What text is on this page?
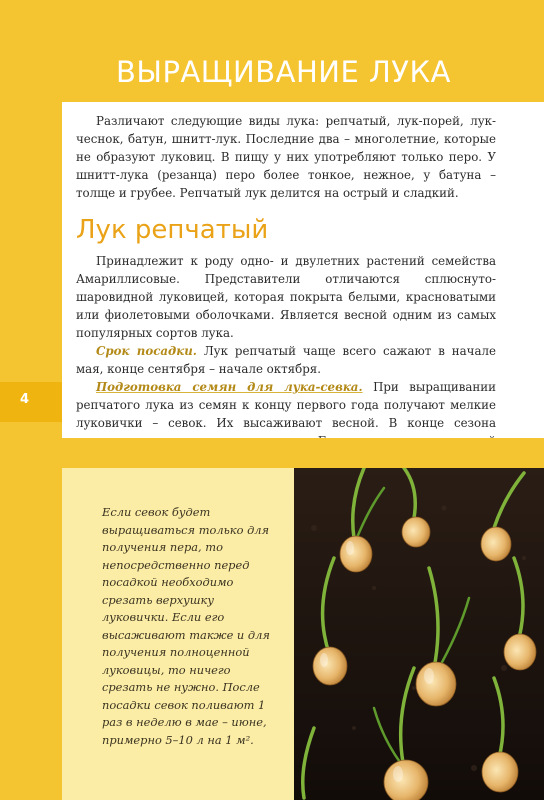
ВЫРАЩИВАНИЕ ЛУКА
4

Различают следующие виды лука: репчатый, лук-порей, лук-чеснок, батун, шнитт-лук. Последние два – многолетние, которые не образуют луковиц. В пищу у них употребляют только перо. У шнитт-лука (резанца) перо более тонкое, нежное, у батуна – толще и грубее. Репчатый лук делится на острый и сладкий.

Лук репчатый

Принадлежит к роду одно- и двулетних растений семейства Амариллисовые. Представители отличаются сплюснуто-шаровидной луковицей, которая покрыта белыми, красноватыми или фиолетовыми оболочками. Является весной одним из самых популярных сортов лука.

Срок посадки. Лук репчатый чаще всего сажают в начале мая, конце сентября – начале октября.

Подготовка семян для лука-севка. При выращивании репчатого лука из семян к концу первого года получают мелкие луковички – севок. Их высаживают весной. В конце сезона

Если севок будет выращиваться только для получения пера, то непосредственно перед посадкой необходимо срезать верхушку луковички. Если его высаживают также и для получения полноценной луковицы, то ничего срезать не нужно. После посадки севок поливают 1 раз в неделю в мае – июне, примерно 5–10 л на 1 м².
